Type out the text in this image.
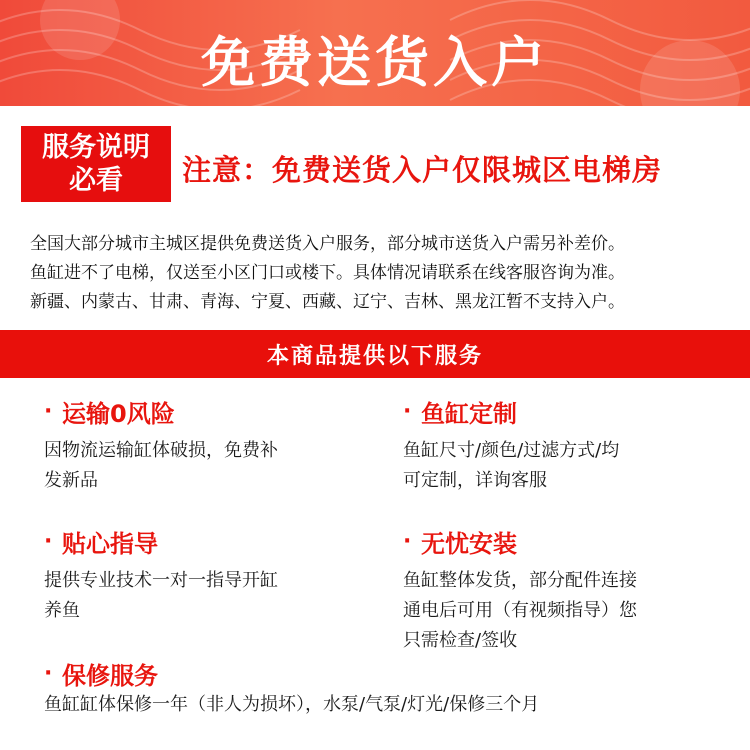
免费送货入户
服务说明
必看 注意：免费送货入户仅限城区电梯房

全国大部分城市主城区提供免费送货入户服务，部分城市送货入户需另补差价。

鱼缸进不了电梯，仅送至小区门口或楼下。具体情况请联系在线客服咨询为准。

新疆、内蒙古、甘肃、青海、宁夏、西藏、辽宁、吉林、黑龙江暂不支持入户。

本商品提供以下服务
· 运输0风险
因物流运输缸体破损，免费补
发新品
· 鱼缸定制
鱼缸尺寸/颜色/过滤方式/均
可定制，详询客服
· 贴心指导
提供专业技术一对一指导开缸
养鱼
· 无忧安装
鱼缸整体发货，部分配件连接
通电后可用（有视频指导）您
只需检查/签收
· 保修服务
鱼缸缸体保修一年（非人为损坏），水泵/气泵/灯光/保修三个月
